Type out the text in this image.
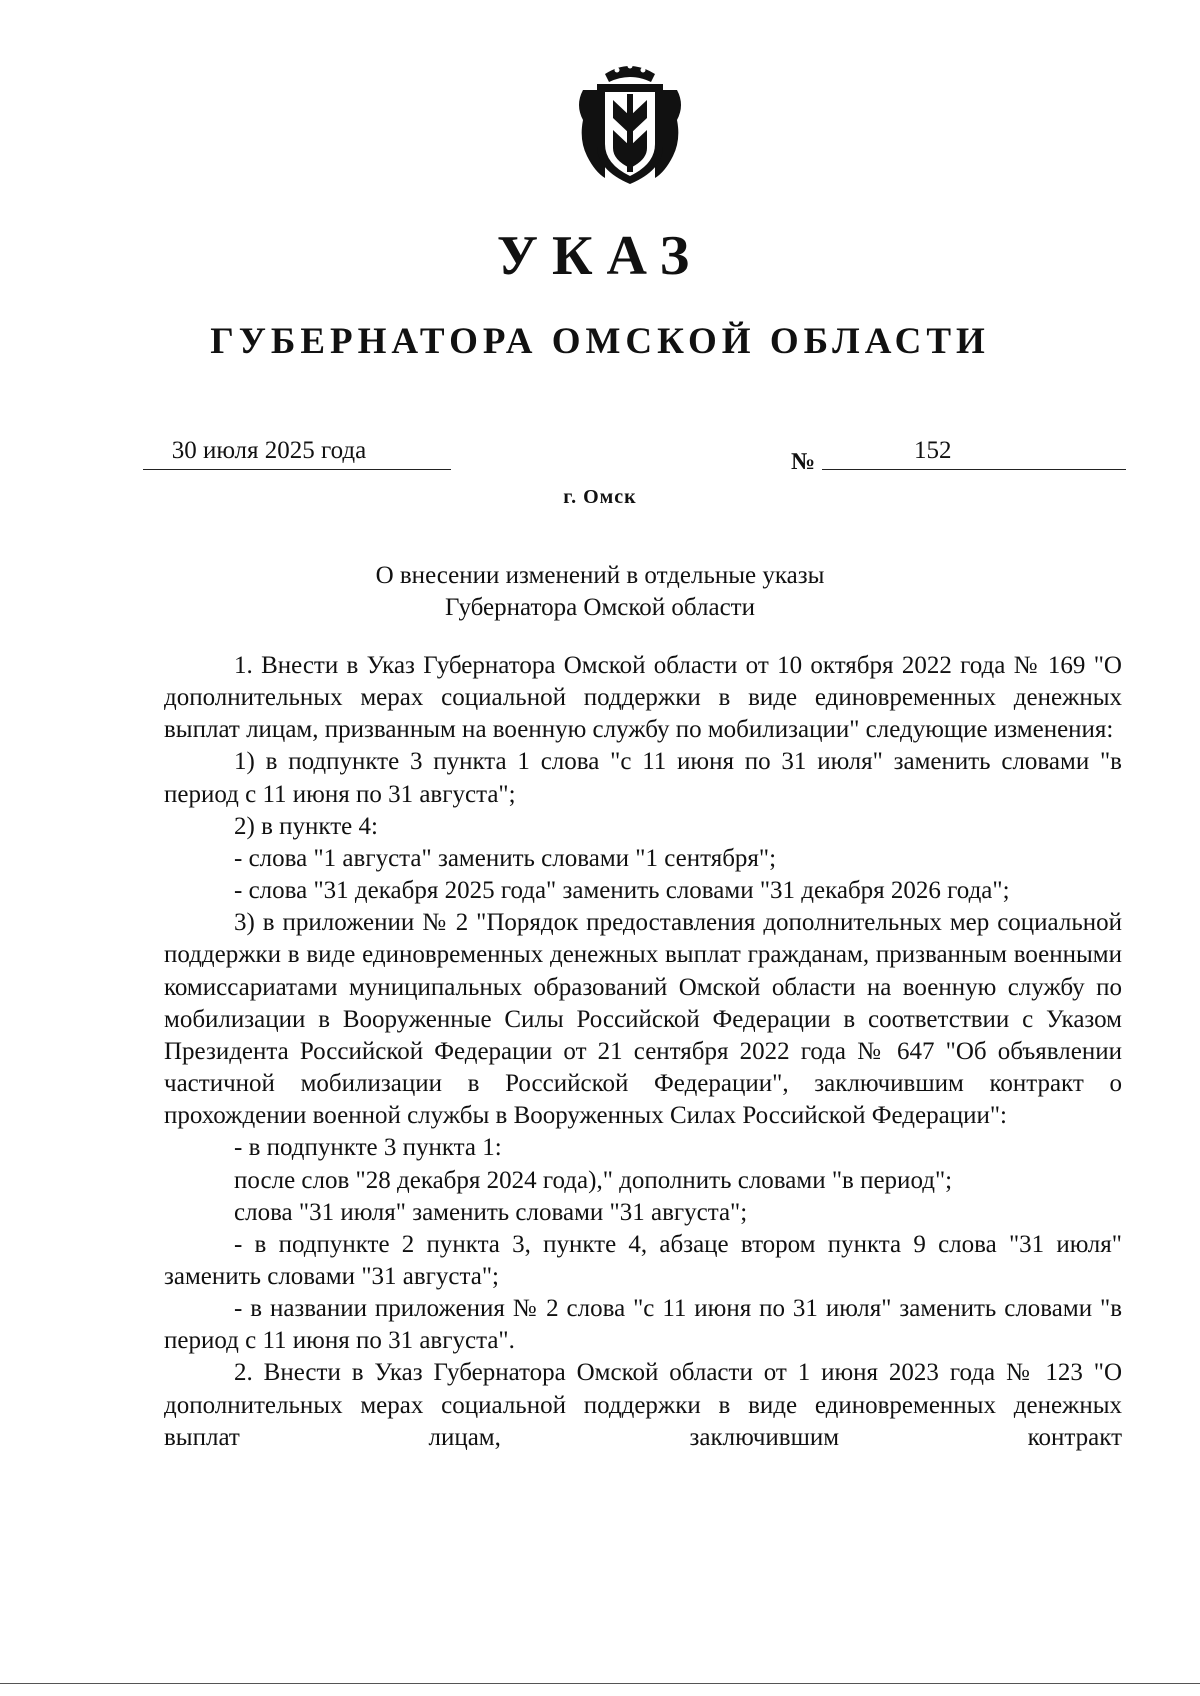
УКАЗ
ГУБЕРНАТОРА ОМСКОЙ ОБЛАСТИ
30 июля 2025 года	№	152
г. Омск
О внесении изменений в отдельные указы
Губернатора Омской области

1. Внести в Указ Губернатора Омской области от 10 октября 2022 года № 169 "О дополнительных мерах социальной поддержки в виде единовременных денежных выплат лицам, призванным на военную службу по мобилизации" следующие изменения:

1) в подпункте 3 пункта 1 слова "с 11 июня по 31 июля" заменить словами "в период с 11 июня по 31 августа";

2) в пункте 4:

- слова "1 августа" заменить словами "1 сентября";

- слова "31 декабря 2025 года" заменить словами "31 декабря 2026 года";

3) в приложении № 2 "Порядок предоставления дополнительных мер социальной поддержки в виде единовременных денежных выплат гражданам, призванным военными комиссариатами муниципальных образований Омской области на военную службу по мобилизации в Вооруженные Силы Российской Федерации в соответствии с Указом Президента Российской Федерации от 21 сентября 2022 года № 647 "Об объявлении частичной мобилизации в Российской Федерации", заключившим контракт о прохождении военной службы в Вооруженных Силах Российской Федерации":

- в подпункте 3 пункта 1:

после слов "28 декабря 2024 года)," дополнить словами "в период";

слова "31 июля" заменить словами "31 августа";

- в подпункте 2 пункта 3, пункте 4, абзаце втором пункта 9 слова "31 июля" заменить словами "31 августа";

- в названии приложения № 2 слова "с 11 июня по 31 июля" заменить словами "в период с 11 июня по 31 августа".

2. Внести в Указ Губернатора Омской области от 1 июня 2023 года № 123 "О дополнительных мерах социальной поддержки в виде единовременных денежных выплат лицам, заключившим контракт
